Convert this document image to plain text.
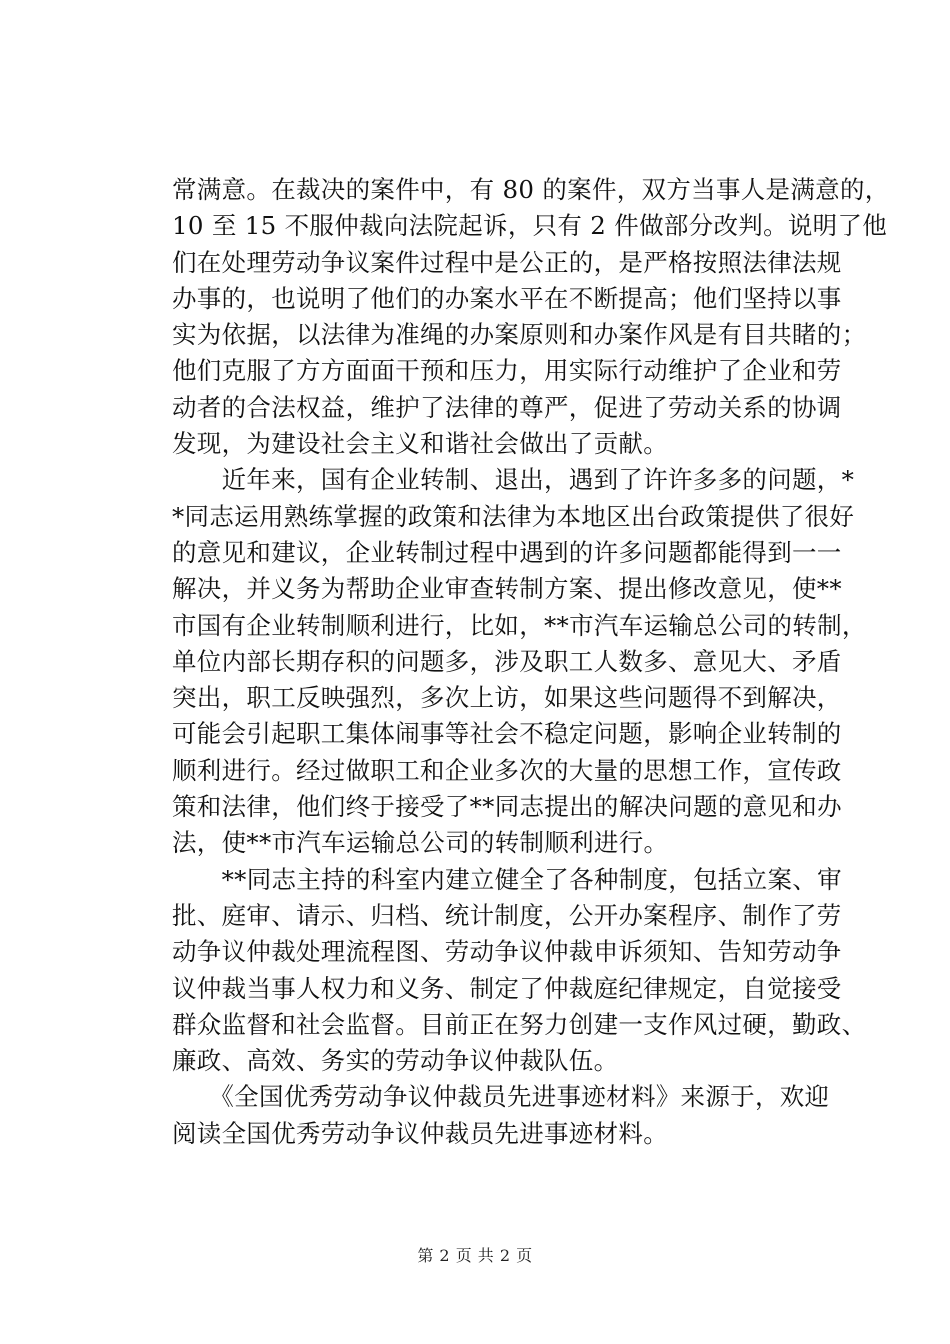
常满意。在裁决的案件中，有 80 的案件，双方当事人是满意的，
10 至 15 不服仲裁向法院起诉，只有 2 件做部分改判。说明了他
们在处理劳动争议案件过程中是公正的，是严格按照法律法规
办事的，也说明了他们的办案水平在不断提高；他们坚持以事
实为依据，以法律为准绳的办案原则和办案作风是有目共睹的；
他们克服了方方面面干预和压力，用实际行动维护了企业和劳
动者的合法权益，维护了法律的尊严，促进了劳动关系的协调
发现，为建设社会主义和谐社会做出了贡献。
　　近年来，国有企业转制、退出，遇到了许许多多的问题，*
*同志运用熟练掌握的政策和法律为本地区出台政策提供了很好
的意见和建议，企业转制过程中遇到的许多问题都能得到一一
解决，并义务为帮助企业审查转制方案、提出修改意见，使**
市国有企业转制顺利进行，比如，**市汽车运输总公司的转制，
单位内部长期存积的问题多，涉及职工人数多、意见大、矛盾
突出，职工反映强烈，多次上访，如果这些问题得不到解决，
可能会引起职工集体闹事等社会不稳定问题，影响企业转制的
顺利进行。经过做职工和企业多次的大量的思想工作，宣传政
策和法律，他们终于接受了**同志提出的解决问题的意见和办
法，使**市汽车运输总公司的转制顺利进行。
　　**同志主持的科室内建立健全了各种制度，包括立案、审
批、庭审、请示、归档、统计制度，公开办案程序、制作了劳
动争议仲裁处理流程图、劳动争议仲裁申诉须知、告知劳动争
议仲裁当事人权力和义务、制定了仲裁庭纪律规定，自觉接受
群众监督和社会监督。目前正在努力创建一支作风过硬，勤政、
廉政、高效、务实的劳动争议仲裁队伍。
　　《全国优秀劳动争议仲裁员先进事迹材料》来源于，欢迎
阅读全国优秀劳动争议仲裁员先进事迹材料。
第 2 页 共 2 页
